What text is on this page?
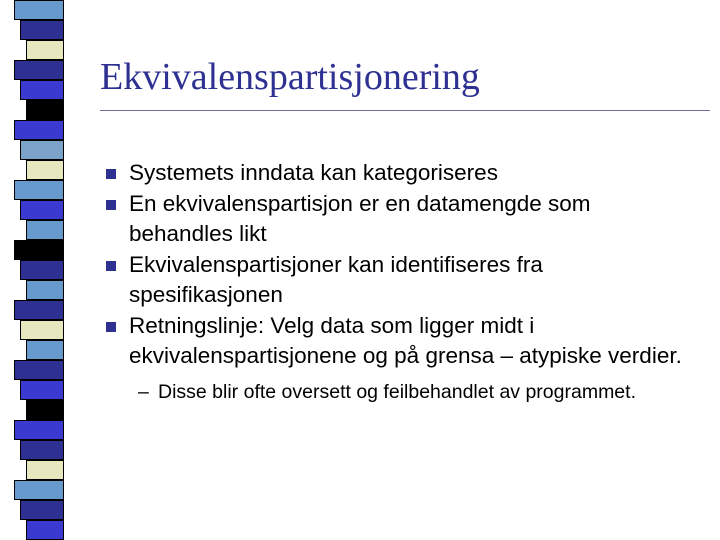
Ekvivalenspartisjonering
Systemets inndata kan kategoriseres
En ekvivalenspartisjon er en datamengde som behandles likt
Ekvivalenspartisjoner kan identifiseres fra spesifikasjonen
Retningslinje: Velg data som ligger midt i ekvivalenspartisjonene og på grensa – atypiske verdier.
– Disse blir ofte oversett og feilbehandlet av programmet.
